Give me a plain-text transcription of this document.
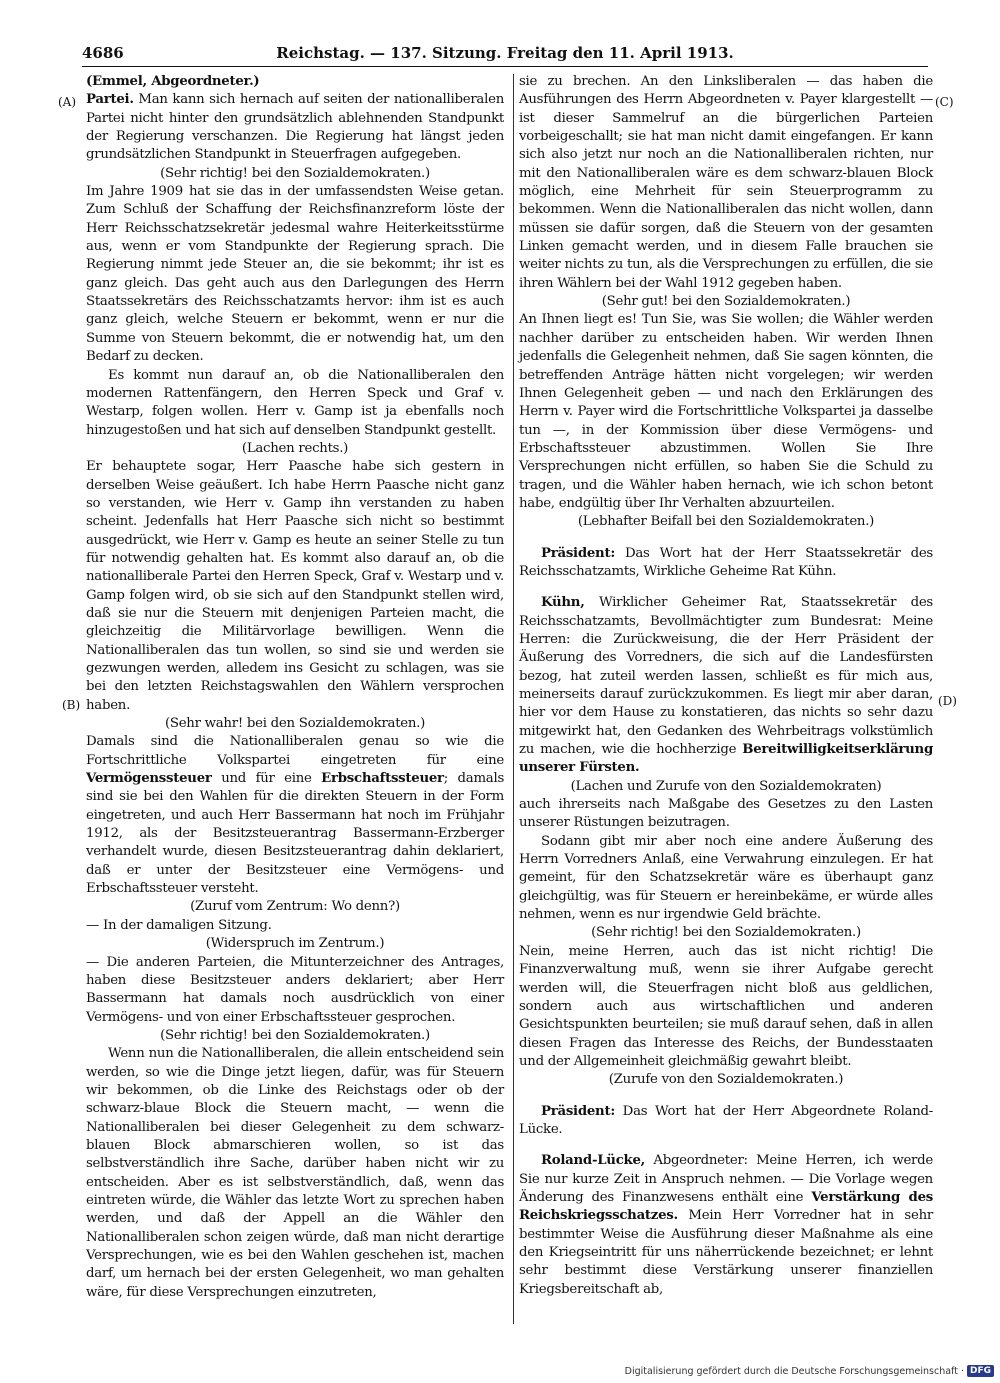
4686	Reichstag. — 137. Sitzung. Freitag den 11. April 1913.
(A)
(B)
(C)
(D)

(Emmel, Abgeordneter.)

Partei. Man kann sich hernach auf seiten der nationalliberalen Partei nicht hinter den grundsätzlich ablehnenden Standpunkt der Regierung verschanzen. Die Regierung hat längst jeden grundsätzlichen Standpunkt in Steuerfragen aufgegeben.

(Sehr richtig! bei den Sozialdemokraten.)

Im Jahre 1909 hat sie das in der umfassendsten Weise getan. Zum Schluß der Schaffung der Reichsfinanzreform löste der Herr Reichsschatzsekretär jedesmal wahre Heiterkeitsstürme aus, wenn er vom Standpunkte der Regierung sprach. Die Regierung nimmt jede Steuer an, die sie bekommt; ihr ist es ganz gleich. Das geht auch aus den Darlegungen des Herrn Staatssekretärs des Reichsschatzamts hervor: ihm ist es auch ganz gleich, welche Steuern er bekommt, wenn er nur die Summe von Steuern bekommt, die er notwendig hat, um den Bedarf zu decken.

Es kommt nun darauf an, ob die Nationalliberalen den modernen Rattenfängern, den Herren Speck und Graf v. Westarp, folgen wollen. Herr v. Gamp ist ja ebenfalls noch hinzugestoßen und hat sich auf denselben Standpunkt gestellt.

(Lachen rechts.)

Er behauptete sogar, Herr Paasche habe sich gestern in derselben Weise geäußert. Ich habe Herrn Paasche nicht ganz so verstanden, wie Herr v. Gamp ihn verstanden zu haben scheint. Jedenfalls hat Herr Paasche sich nicht so bestimmt ausgedrückt, wie Herr v. Gamp es heute an seiner Stelle zu tun für notwendig gehalten hat. Es kommt also darauf an, ob die nationalliberale Partei den Herren Speck, Graf v. Westarp und v. Gamp folgen wird, ob sie sich auf den Standpunkt stellen wird, daß sie nur die Steuern mit denjenigen Parteien macht, die gleichzeitig die Militärvorlage bewilligen. Wenn die Nationalliberalen das tun wollen, so sind sie und werden sie gezwungen werden, alledem ins Gesicht zu schlagen, was sie bei den letzten Reichstagswahlen den Wählern versprochen haben.

(Sehr wahr! bei den Sozialdemokraten.)

Damals sind die Nationalliberalen genau so wie die Fortschrittliche Volkspartei eingetreten für eine Vermögenssteuer und für eine Erbschaftssteuer; damals sind sie bei den Wahlen für die direkten Steuern in der Form eingetreten, und auch Herr Bassermann hat noch im Frühjahr 1912, als der Besitzsteuerantrag Bassermann-Erzberger verhandelt wurde, diesen Besitzsteuerantrag dahin deklariert, daß er unter der Besitzsteuer eine Vermögens- und Erbschaftssteuer versteht.

(Zuruf vom Zentrum: Wo denn?)

— In der damaligen Sitzung.

(Widerspruch im Zentrum.)

— Die anderen Parteien, die Mitunterzeichner des Antrages, haben diese Besitzsteuer anders deklariert; aber Herr Bassermann hat damals noch ausdrücklich von einer Vermögens- und von einer Erbschaftssteuer gesprochen.

(Sehr richtig! bei den Sozialdemokraten.)

Wenn nun die Nationalliberalen, die allein entscheidend sein werden, so wie die Dinge jetzt liegen, dafür, was für Steuern wir bekommen, ob die Linke des Reichstags oder ob der schwarz-blaue Block die Steuern macht, — wenn die Nationalliberalen bei dieser Gelegenheit zu dem schwarz-blauen Block abmarschieren wollen, so ist das selbstverständlich ihre Sache, darüber haben nicht wir zu entscheiden. Aber es ist selbstverständlich, daß, wenn das eintreten würde, die Wähler das letzte Wort zu sprechen haben werden, und daß der Appell an die Wähler den Nationalliberalen schon zeigen würde, daß man nicht derartige Versprechungen, wie es bei den Wahlen geschehen ist, machen darf, um hernach bei der ersten Gelegenheit, wo man gehalten wäre, für diese Versprechungen einzutreten,

sie zu brechen. An den Linksliberalen — das haben die Ausführungen des Herrn Abgeordneten v. Payer klargestellt — ist dieser Sammelruf an die bürgerlichen Parteien vorbeigeschallt; sie hat man nicht damit eingefangen. Er kann sich also jetzt nur noch an die Nationalliberalen richten, nur mit den Nationalliberalen wäre es dem schwarz-blauen Block möglich, eine Mehrheit für sein Steuerprogramm zu bekommen. Wenn die Nationalliberalen das nicht wollen, dann müssen sie dafür sorgen, daß die Steuern von der gesamten Linken gemacht werden, und in diesem Falle brauchen sie weiter nichts zu tun, als die Versprechungen zu erfüllen, die sie ihren Wählern bei der Wahl 1912 gegeben haben.

(Sehr gut! bei den Sozialdemokraten.)

An Ihnen liegt es! Tun Sie, was Sie wollen; die Wähler werden nachher darüber zu entscheiden haben. Wir werden Ihnen jedenfalls die Gelegenheit nehmen, daß Sie sagen könnten, die betreffenden Anträge hätten nicht vorgelegen; wir werden Ihnen Gelegenheit geben — und nach den Erklärungen des Herrn v. Payer wird die Fortschrittliche Volkspartei ja dasselbe tun —, in der Kommission über diese Vermögens- und Erbschaftssteuer abzustimmen. Wollen Sie Ihre Versprechungen nicht erfüllen, so haben Sie die Schuld zu tragen, und die Wähler haben hernach, wie ich schon betont habe, endgültig über Ihr Verhalten abzuurteilen.

(Lebhafter Beifall bei den Sozialdemokraten.)

Präsident: Das Wort hat der Herr Staatssekretär des Reichsschatzamts, Wirkliche Geheime Rat Kühn.

Kühn, Wirklicher Geheimer Rat, Staatssekretär des Reichsschatzamts, Bevollmächtigter zum Bundesrat: Meine Herren: die Zurückweisung, die der Herr Präsident der Äußerung des Vorredners, die sich auf die Landesfürsten bezog, hat zuteil werden lassen, schließt es für mich aus, meinerseits darauf zurückzukommen. Es liegt mir aber daran, hier vor dem Hause zu konstatieren, das nichts so sehr dazu mitgewirkt hat, den Gedanken des Wehrbeitrags volkstümlich zu machen, wie die hochherzige Bereitwilligkeitserklärung unserer Fürsten.

(Lachen und Zurufe von den Sozialdemokraten)

auch ihrerseits nach Maßgabe des Gesetzes zu den Lasten unserer Rüstungen beizutragen.

Sodann gibt mir aber noch eine andere Äußerung des Herrn Vorredners Anlaß, eine Verwahrung einzulegen. Er hat gemeint, für den Schatzsekretär wäre es überhaupt ganz gleichgültig, was für Steuern er hereinbekäme, er würde alles nehmen, wenn es nur irgendwie Geld brächte.

(Sehr richtig! bei den Sozialdemokraten.)

Nein, meine Herren, auch das ist nicht richtig! Die Finanzverwaltung muß, wenn sie ihrer Aufgabe gerecht werden will, die Steuerfragen nicht bloß aus geldlichen, sondern auch aus wirtschaftlichen und anderen Gesichtspunkten beurteilen; sie muß darauf sehen, daß in allen diesen Fragen das Interesse des Reichs, der Bundesstaaten und der Allgemeinheit gleichmäßig gewahrt bleibt.

(Zurufe von den Sozialdemokraten.)

Präsident: Das Wort hat der Herr Abgeordnete Roland-Lücke.

Roland-Lücke, Abgeordneter: Meine Herren, ich werde Sie nur kurze Zeit in Anspruch nehmen. — Die Vorlage wegen Änderung des Finanzwesens enthält eine Verstärkung des Reichskriegsschatzes. Mein Herr Vorredner hat in sehr bestimmter Weise die Ausführung dieser Maßnahme als eine den Kriegseintritt für uns näherrückende bezeichnet; er lehnt sehr bestimmt diese Verstärkung unserer finanziellen Kriegsbereitschaft ab,

Digitalisierung gefördert durch die Deutsche Forschungsgemeinschaft · DFG
